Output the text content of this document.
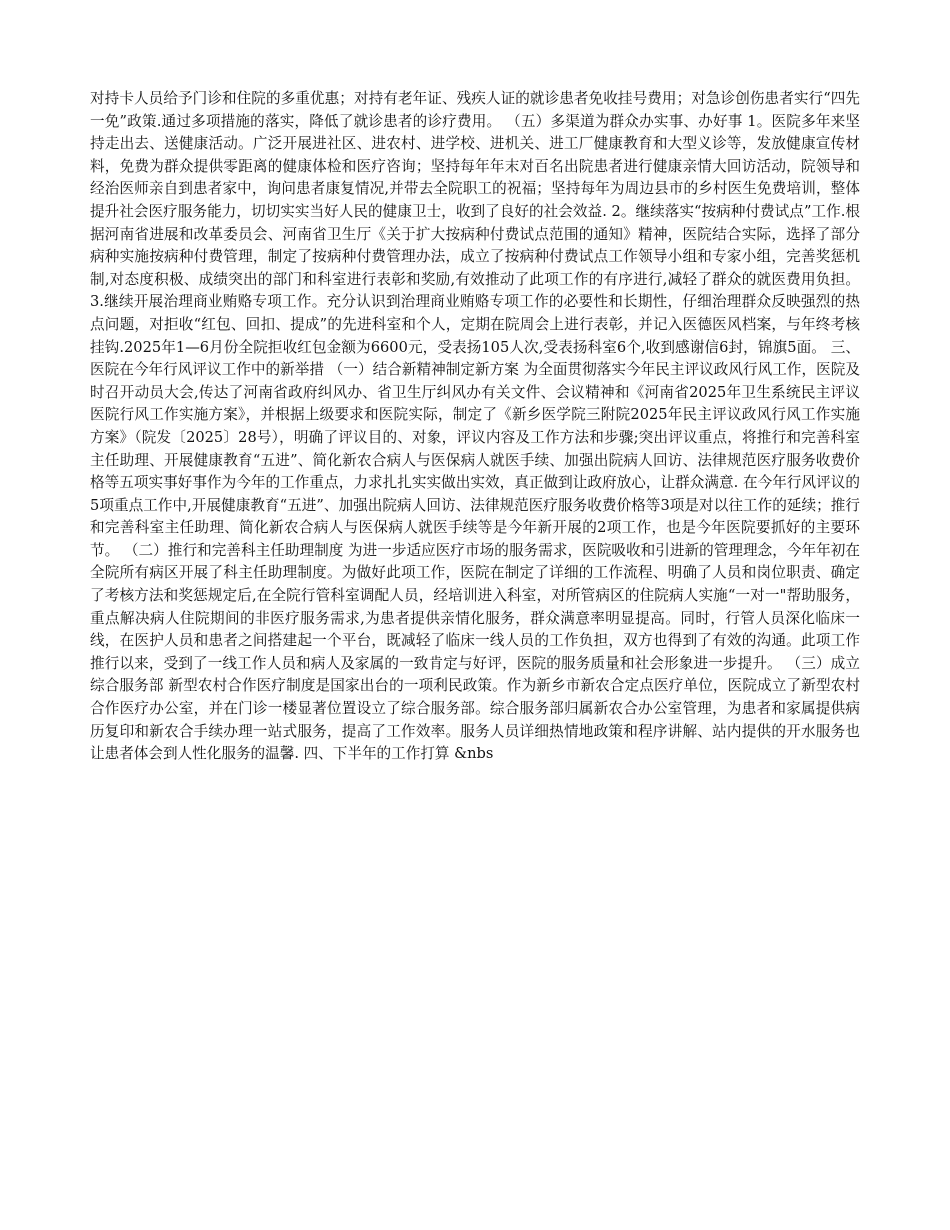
对持卡人员给予门诊和住院的多重优惠；对持有老年证、残疾人证的就诊患者免收挂号费用；对急诊创伤患者实行“四先一免”政策.通过多项措施的落实，降低了就诊患者的诊疗费用。 （五）多渠道为群众办实事、办好事 1。医院多年来坚持走出去、送健康活动。广泛开展进社区、进农村、进学校、进机关、进工厂健康教育和大型义诊等，发放健康宣传材料，免费为群众提供零距离的健康体检和医疗咨询；坚持每年年末对百名出院患者进行健康亲情大回访活动，院领导和经治医师亲自到患者家中，询问患者康复情况,并带去全院职工的祝福；坚持每年为周边县市的乡村医生免费培训，整体提升社会医疗服务能力，切切实实当好人民的健康卫士，收到了良好的社会效益. 2。继续落实“按病种付费试点”工作.根据河南省进展和改革委员会、河南省卫生厅《关于扩大按病种付费试点范围的通知》精神，医院结合实际，选择了部分病种实施按病种付费管理，制定了按病种付费管理办法，成立了按病种付费试点工作领导小组和专家小组，完善奖惩机制,对态度积极、成绩突出的部门和科室进行表彰和奖励,有效推动了此项工作的有序进行,减轻了群众的就医费用负担。 3.继续开展治理商业贿赂专项工作。充分认识到治理商业贿赂专项工作的必要性和长期性，仔细治理群众反映强烈的热点问题，对拒收“红包、回扣、提成”的先进科室和个人，定期在院周会上进行表彰，并记入医德医风档案，与年终考核挂钩.2025年1—6月份全院拒收红包金额为6600元，受表扬105人次,受表扬科室6个,收到感谢信6封，锦旗5面。 三、医院在今年行风评议工作中的新举措 （一）结合新精神制定新方案 为全面贯彻落实今年民主评议政风行风工作，医院及时召开动员大会,传达了河南省政府纠风办、省卫生厅纠风办有关文件、会议精神和《河南省2025年卫生系统民主评议医院行风工作实施方案》，并根据上级要求和医院实际，制定了《新乡医学院三附院2025年民主评议政风行风工作实施方案》（院发〔2025〕28号），明确了评议目的、对象，评议内容及工作方法和步骤;突出评议重点，将推行和完善科室主任助理、开展健康教育“五进”、简化新农合病人与医保病人就医手续、加强出院病人回访、法律规范医疗服务收费价格等五项实事好事作为今年的工作重点，力求扎扎实实做出实效，真正做到让政府放心，让群众满意. 在今年行风评议的5项重点工作中,开展健康教育“五进”、加强出院病人回访、法律规范医疗服务收费价格等3项是对以往工作的延续；推行和完善科室主任助理、简化新农合病人与医保病人就医手续等是今年新开展的2项工作，也是今年医院要抓好的主要环节。 （二）推行和完善科主任助理制度 为进一步适应医疗市场的服务需求，医院吸收和引进新的管理理念，今年年初在全院所有病区开展了科主任助理制度。为做好此项工作，医院在制定了详细的工作流程、明确了人员和岗位职责、确定了考核方法和奖惩规定后,在全院行管科室调配人员，经培训进入科室，对所管病区的住院病人实施“一对一"帮助服务，重点解决病人住院期间的非医疗服务需求,为患者提供亲情化服务，群众满意率明显提高。同时，行管人员深化临床一线，在医护人员和患者之间搭建起一个平台，既减轻了临床一线人员的工作负担，双方也得到了有效的沟通。此项工作推行以来，受到了一线工作人员和病人及家属的一致肯定与好评，医院的服务质量和社会形象进一步提升。 （三）成立综合服务部 新型农村合作医疗制度是国家出台的一项利民政策。作为新乡市新农合定点医疗单位，医院成立了新型农村合作医疗办公室，并在门诊一楼显著位置设立了综合服务部。综合服务部归属新农合办公室管理，为患者和家属提供病历复印和新农合手续办理一站式服务，提高了工作效率。服务人员详细热情地政策和程序讲解、站内提供的开水服务也让患者体会到人性化服务的温馨. 四、下半年的工作打算 &nbs
